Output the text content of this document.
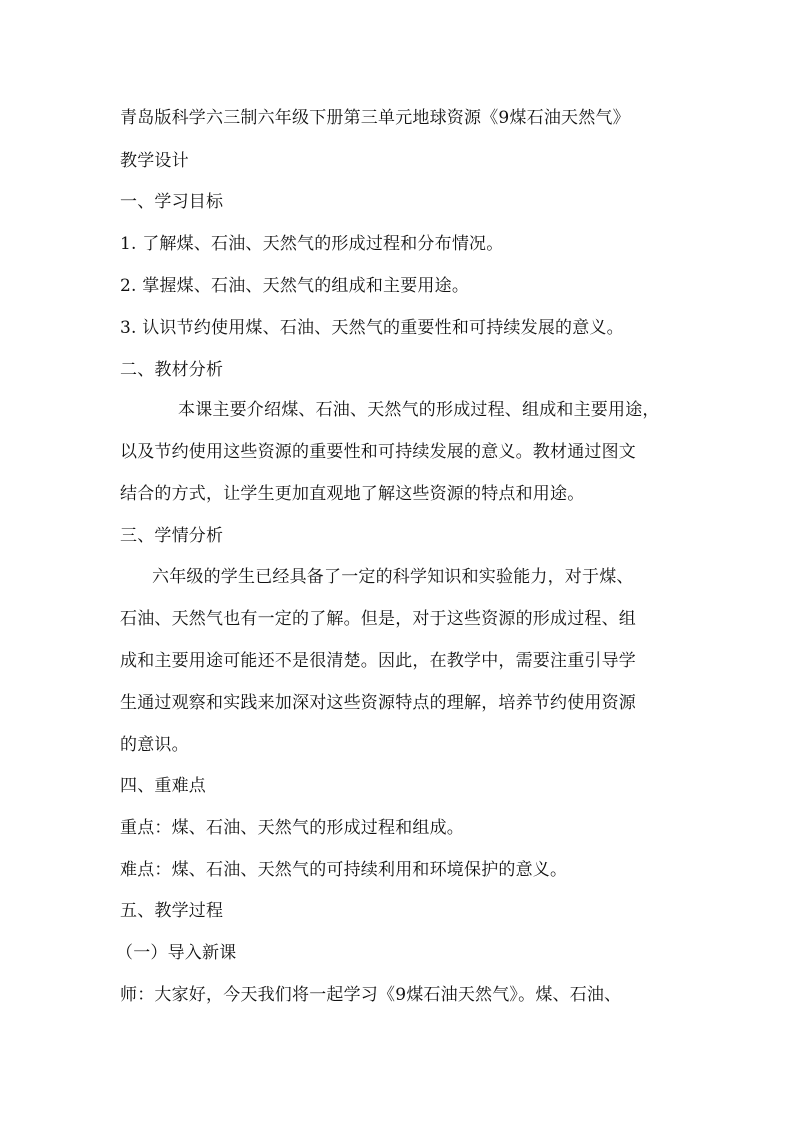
青岛版科学六三制六年级下册第三单元地球资源《9煤石油天然气》
教学设计
一、学习目标
1. 了解煤、石油、天然气的形成过程和分布情况。
2. 掌握煤、石油、天然气的组成和主要用途。
3. 认识节约使用煤、石油、天然气的重要性和可持续发展的意义。
二、教材分析
本课主要介绍煤、石油、天然气的形成过程、组成和主要用途，
以及节约使用这些资源的重要性和可持续发展的意义。教材通过图文
结合的方式，让学生更加直观地了解这些资源的特点和用途。
三、学情分析
六年级的学生已经具备了一定的科学知识和实验能力，对于煤、
石油、天然气也有一定的了解。但是，对于这些资源的形成过程、组
成和主要用途可能还不是很清楚。因此，在教学中，需要注重引导学
生通过观察和实践来加深对这些资源特点的理解，培养节约使用资源
的意识。
四、重难点
重点：煤、石油、天然气的形成过程和组成。
难点：煤、石油、天然气的可持续利用和环境保护的意义。
五、教学过程
（一）导入新课
师：大家好，今天我们将一起学习《9煤石油天然气》。煤、石油、
